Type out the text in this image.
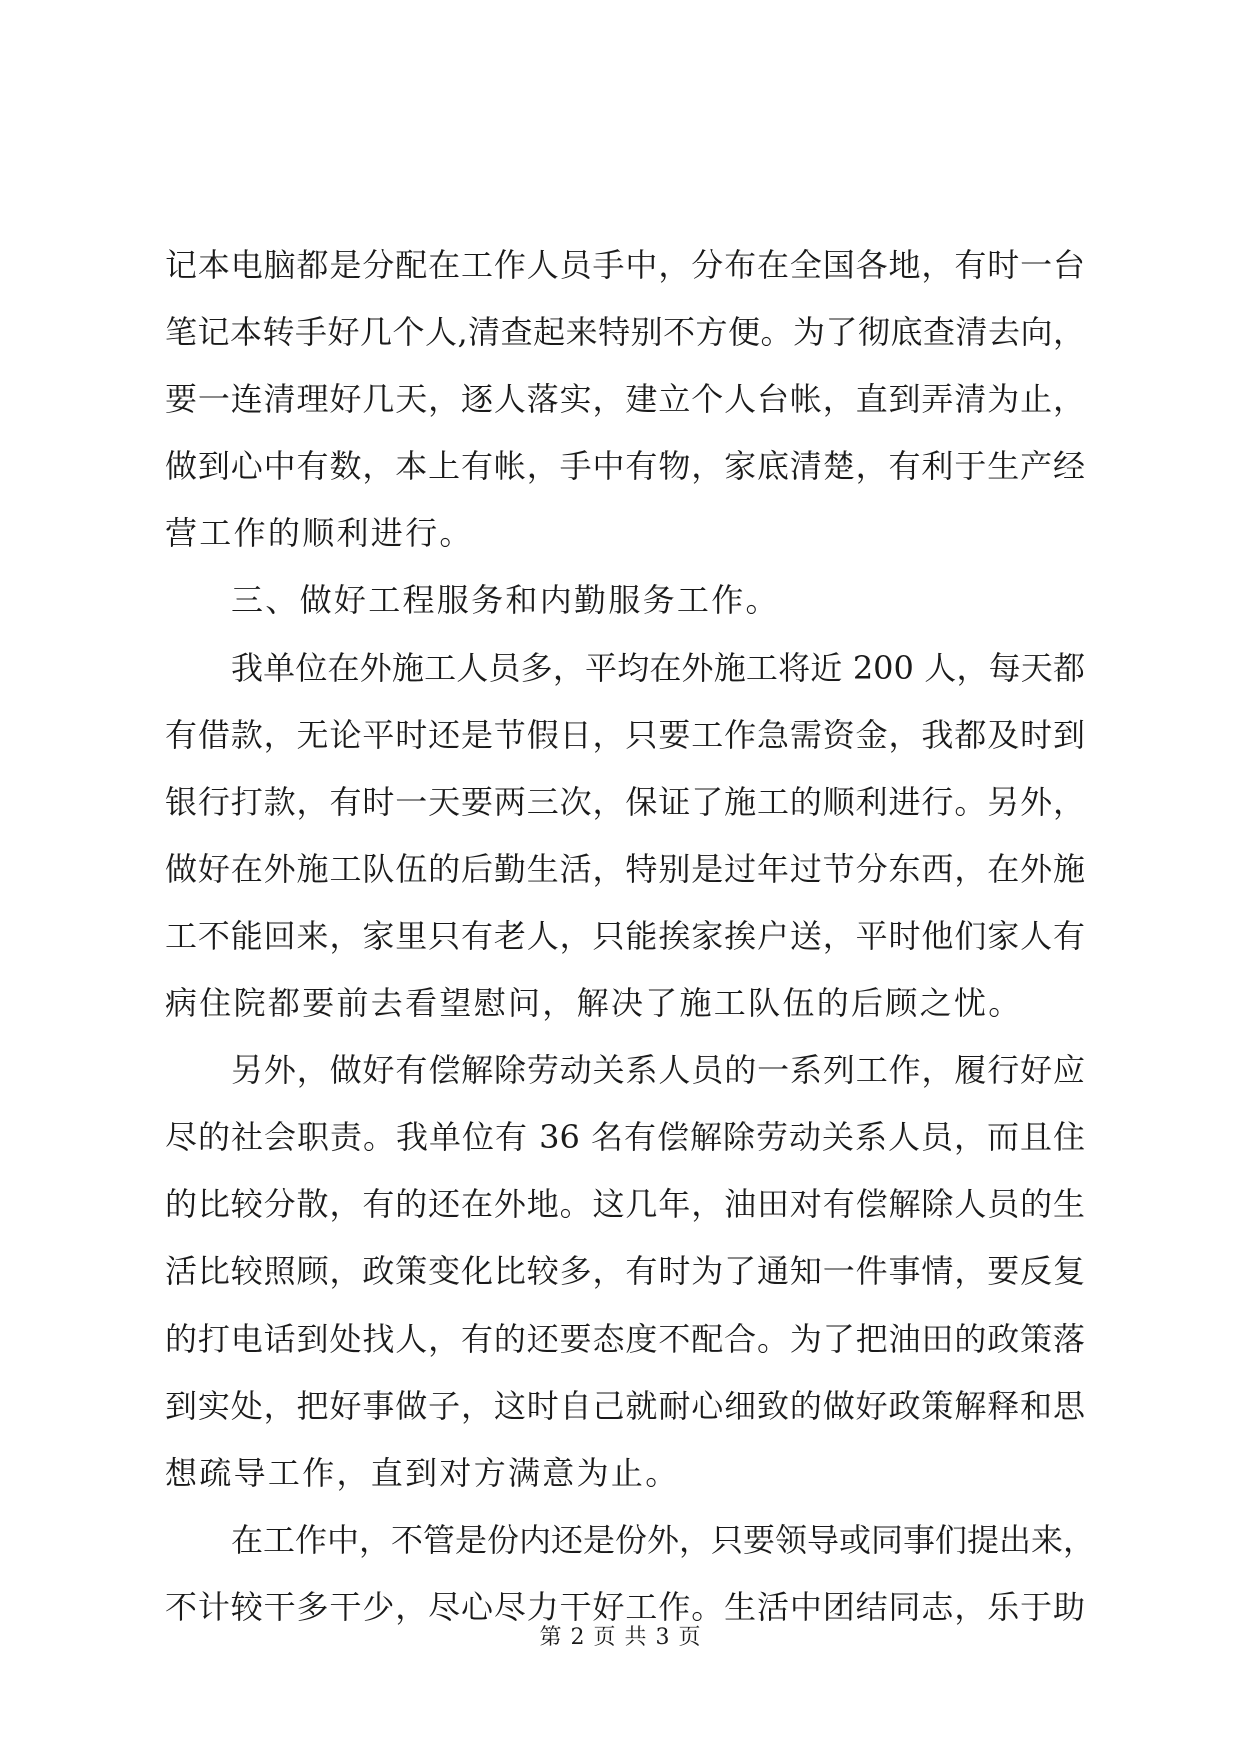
记本电脑都是分配在工作人员手中，分布在全国各地，有时一台
笔记本转手好几个人,清查起来特别不方便。为了彻底查清去向，
要一连清理好几天，逐人落实，建立个人台帐，直到弄清为止，
做到心中有数，本上有帐，手中有物，家底清楚，有利于生产经
营工作的顺利进行。
三、做好工程服务和内勤服务工作。
我单位在外施工人员多，平均在外施工将近 200 人，每天都
有借款，无论平时还是节假日，只要工作急需资金，我都及时到
银行打款，有时一天要两三次，保证了施工的顺利进行。另外，
做好在外施工队伍的后勤生活，特别是过年过节分东西，在外施
工不能回来，家里只有老人，只能挨家挨户送，平时他们家人有
病住院都要前去看望慰问，解决了施工队伍的后顾之忧。
另外，做好有偿解除劳动关系人员的一系列工作，履行好应
尽的社会职责。我单位有 36 名有偿解除劳动关系人员，而且住
的比较分散，有的还在外地。这几年，油田对有偿解除人员的生
活比较照顾，政策变化比较多，有时为了通知一件事情，要反复
的打电话到处找人，有的还要态度不配合。为了把油田的政策落
到实处，把好事做子，这时自己就耐心细致的做好政策解释和思
想疏导工作，直到对方满意为止。
在工作中，不管是份内还是份外，只要领导或同事们提出来，
不计较干多干少，尽心尽力干好工作。生活中团结同志，乐于助
第 2 页 共 3 页
